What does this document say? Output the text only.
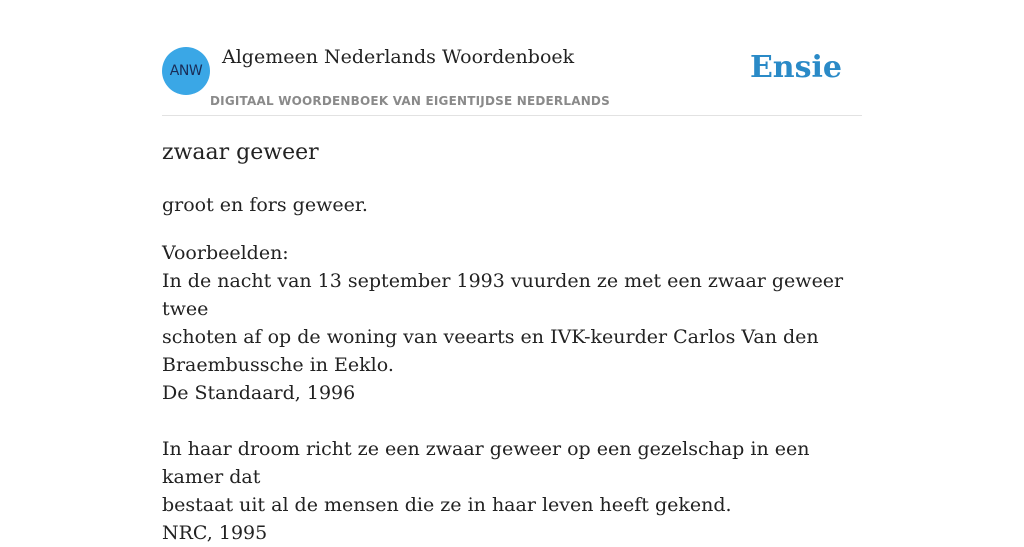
ANW
Algemeen Nederlands Woordenboek
DIGITAAL WOORDENBOEK VAN EIGENTIJDSE NEDERLANDS
Ensie
zwaar geweer
groot en fors geweer.
Voorbeelden:
In de nacht van 13 september 1993 vuurden ze met een zwaar geweer twee
schoten af op de woning van veearts en IVK-keurder Carlos Van den
Braembussche in Eeklo.
De Standaard, 1996
In haar droom richt ze een zwaar geweer op een gezelschap in een kamer dat
bestaat uit al de mensen die ze in haar leven heeft gekend.
NRC, 1995
